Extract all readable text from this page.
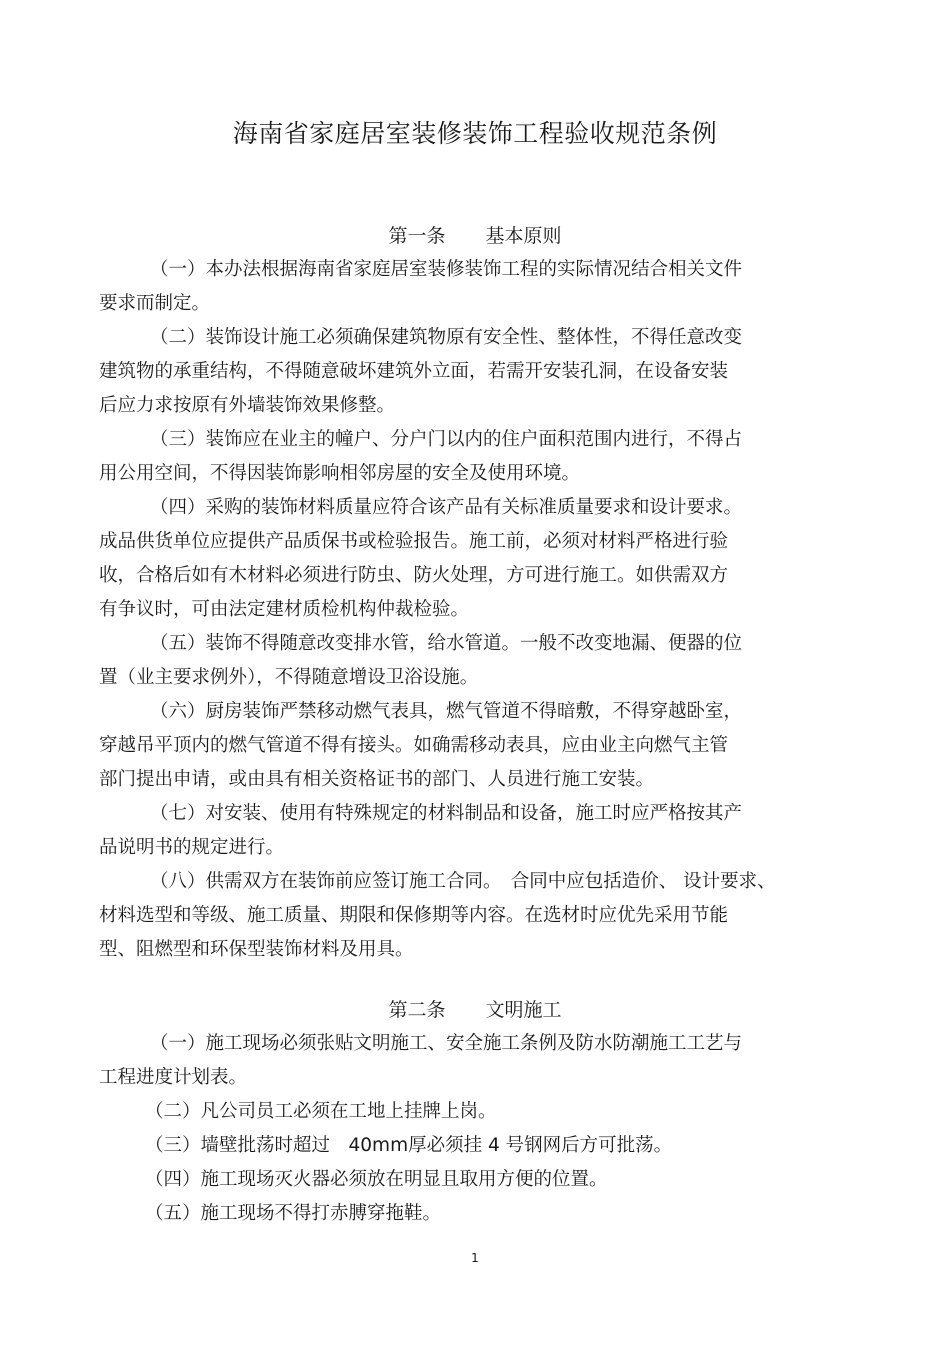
海南省家庭居室装修装饰工程验收规范条例
第一条 基本原则

（一）本办法根据海南省家庭居室装修装饰工程的实际情况结合相关文件

要求而制定。

（二）装饰设计施工必须确保建筑物原有安全性、整体性，不得任意改变

建筑物的承重结构，不得随意破坏建筑外立面，若需开安装孔洞，在设备安装

后应力求按原有外墙装饰效果修整。

（三）装饰应在业主的幢户、分户门以内的住户面积范围内进行，不得占

用公用空间，不得因装饰影响相邻房屋的安全及使用环境。

（四）采购的装饰材料质量应符合该产品有关标准质量要求和设计要求。

成品供货单位应提供产品质保书或检验报告。施工前，必须对材料严格进行验

收，合格后如有木材料必须进行防虫、防火处理，方可进行施工。如供需双方

有争议时，可由法定建材质检机构仲裁检验。

（五）装饰不得随意改变排水管，给水管道。一般不改变地漏、便器的位

置（业主要求例外），不得随意增设卫浴设施。

（六）厨房装饰严禁移动燃气表具，燃气管道不得暗敷，不得穿越卧室，

穿越吊平顶内的燃气管道不得有接头。如确需移动表具，应由业主向燃气主管

部门提出申请，或由具有相关资格证书的部门、人员进行施工安装。

（七）对安装、使用有特殊规定的材料制品和设备，施工时应严格按其产

品说明书的规定进行。

（八）供需双方在装饰前应签订施工合同。　合同中应包括造价、 设计要求、

材料选型和等级、施工质量、期限和保修期等内容。在选材时应优先采用节能

型、阻燃型和环保型装饰材料及用具。

第二条 文明施工

（一）施工现场必须张贴文明施工、安全施工条例及防水防潮施工工艺与

工程进度计划表。

（二）凡公司员工必须在工地上挂牌上岗。

（三）墙壁批荡时超过　40mm厚必须挂 4 号钢网后方可批荡。

（四）施工现场灭火器必须放在明显且取用方便的位置。

（五）施工现场不得打赤膊穿拖鞋。

1
